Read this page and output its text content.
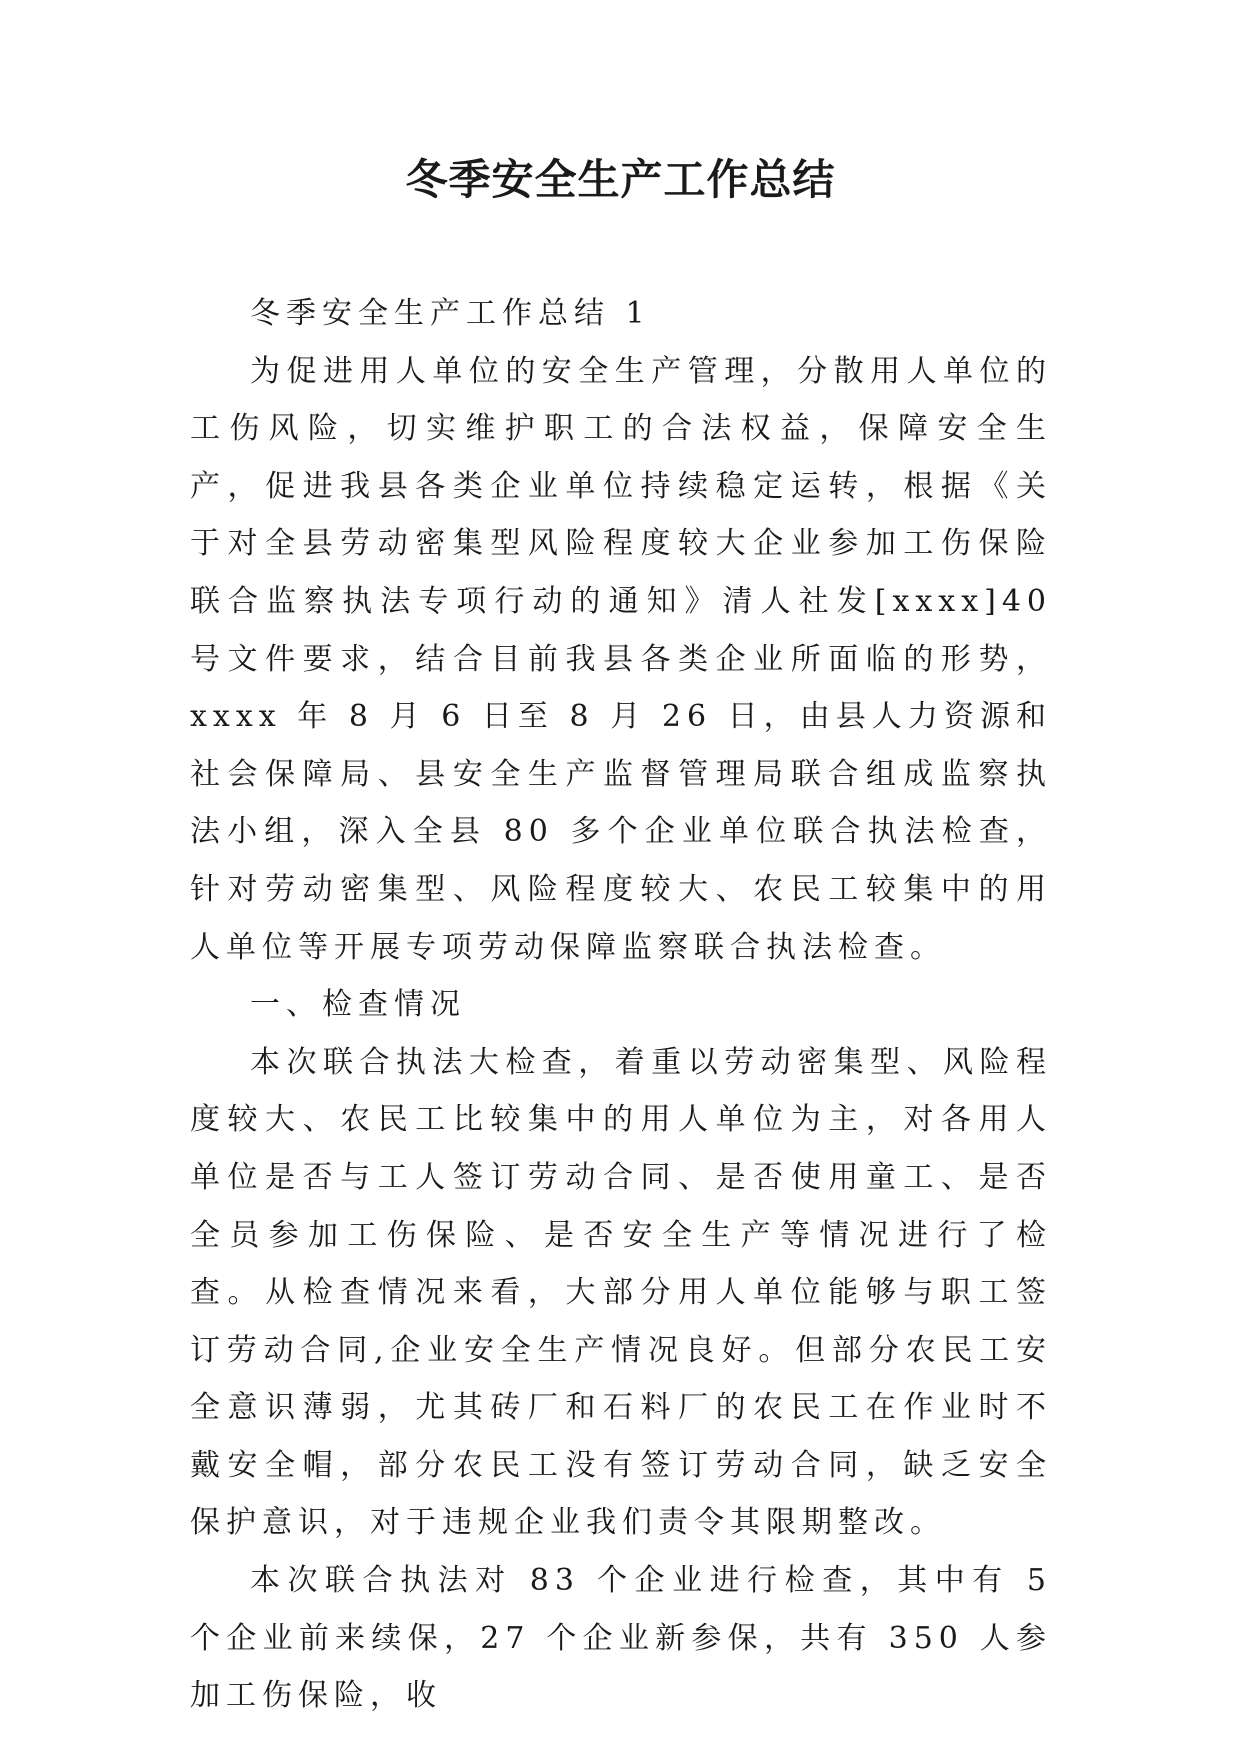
冬季安全生产工作总结

冬季安全生产工作总结 1

为促进用人单位的安全生产管理，分散用人单位的工伤风险，切实维护职工的合法权益，保障安全生产，促进我县各类企业单位持续稳定运转，根据《关于对全县劳动密集型风险程度较大企业参加工伤保险联合监察执法专项行动的通知》清人社发[xxxx]40 号文件要求，结合目前我县各类企业所面临的形势，xxxx 年 8 月 6 日至 8 月 26 日，由县人力资源和社会保障局、县安全生产监督管理局联合组成监察执法小组，深入全县 80 多个企业单位联合执法检查，针对劳动密集型、风险程度较大、农民工较集中的用人单位等开展专项劳动保障监察联合执法检查。

一、检查情况

本次联合执法大检查，着重以劳动密集型、风险程度较大、农民工比较集中的用人单位为主，对各用人单位是否与工人签订劳动合同、是否使用童工、是否全员参加工伤保险、是否安全生产等情况进行了检查。从检查情况来看，大部分用人单位能够与职工签订劳动合同,企业安全生产情况良好。但部分农民工安全意识薄弱，尤其砖厂和石料厂的农民工在作业时不戴安全帽，部分农民工没有签订劳动合同，缺乏安全保护意识，对于违规企业我们责令其限期整改。

本次联合执法对 83 个企业进行检查，其中有 5 个企业前来续保，27 个企业新参保，共有 350 人参加工伤保险，收
